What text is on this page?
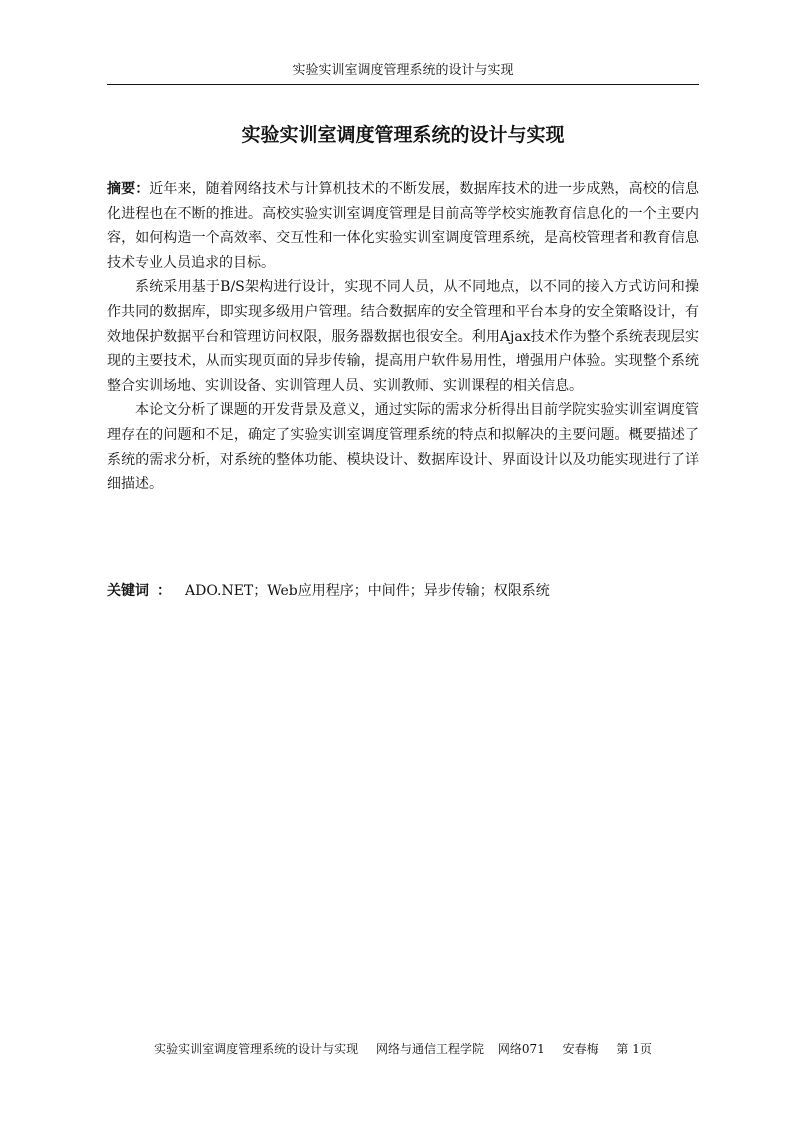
实验实训室调度管理系统的设计与实现
实验实训室调度管理系统的设计与实现

摘要：近年来，随着网络技术与计算机技术的不断发展，数据库技术的进一步成熟，高校的信息化进程也在不断的推进。高校实验实训室调度管理是目前高等学校实施教育信息化的一个主要内容，如何构造一个高效率、交互性和一体化实验实训室调度管理系统，是高校管理者和教育信息技术专业人员追求的目标。

系统采用基于B/S架构进行设计，实现不同人员，从不同地点，以不同的接入方式访问和操作共同的数据库，即实现多级用户管理。结合数据库的安全管理和平台本身的安全策略设计，有效地保护数据平台和管理访问权限，服务器数据也很安全。利用Ajax技术作为整个系统表现层实现的主要技术，从而实现页面的异步传输，提高用户软件易用性，增强用户体验。实现整个系统整合实训场地、实训设备、实训管理人员、实训教师、实训课程的相关信息。

本论文分析了课题的开发背景及意义，通过实际的需求分析得出目前学院实验实训室调度管理存在的问题和不足，确定了实验实训室调度管理系统的特点和拟解决的主要问题。概要描述了系统的需求分析，对系统的整体功能、模块设计、数据库设计、界面设计以及功能实现进行了详细描述。

关键词 ： ADO.NET；Web应用程序；中间件；异步传输；权限系统
实验实训室调度管理系统的设计与实现 网络与通信工程学院 网络071 安春梅 第 1页
